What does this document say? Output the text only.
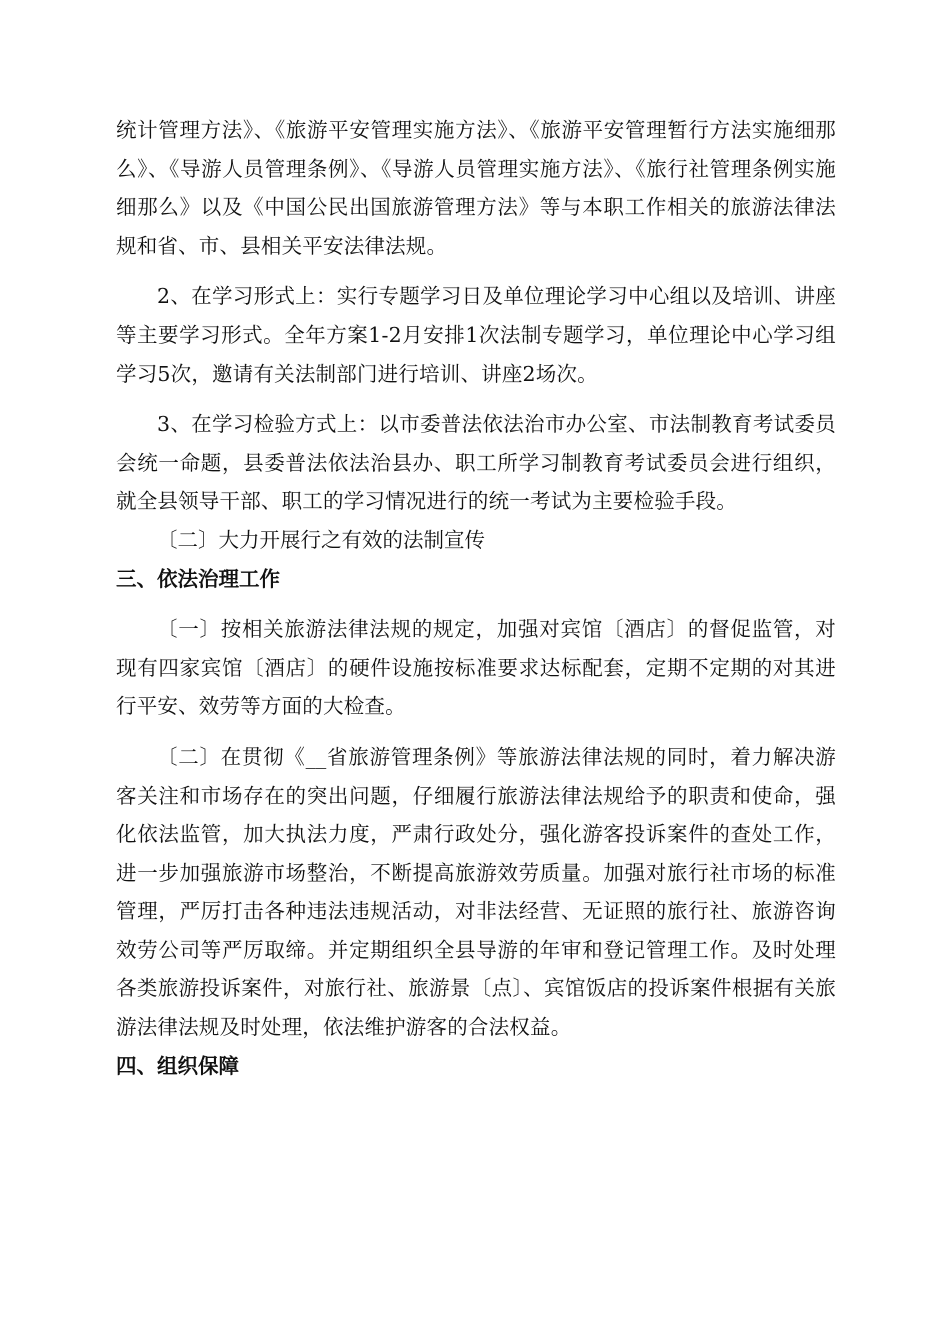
统计管理方法》、《旅游平安管理实施方法》、《旅游平安管理暂行方法实施细那么》、《导游人员管理条例》、《导游人员管理实施方法》、《旅行社管理条例实施细那么》以及《中国公民出国旅游管理方法》等与本职工作相关的旅游法律法规和省、市、县相关平安法律法规。

2、在学习形式上：实行专题学习日及单位理论学习中心组以及培训、讲座等主要学习形式。全年方案1-2月安排1次法制专题学习，单位理论中心学习组学习5次，邀请有关法制部门进行培训、讲座2场次。

3、在学习检验方式上：以市委普法依法治市办公室、市法制教育考试委员会统一命题，县委普法依法治县办、职工所学习制教育考试委员会进行组织，就全县领导干部、职工的学习情况进行的统一考试为主要检验手段。

〔二〕大力开展行之有效的法制宣传

三、依法治理工作

〔一〕按相关旅游法律法规的规定，加强对宾馆〔酒店〕的督促监管，对现有四家宾馆〔酒店〕的硬件设施按标准要求达标配套，定期不定期的对其进行平安、效劳等方面的大检查。

〔二〕在贯彻《__省旅游管理条例》等旅游法律法规的同时，着力解决游客关注和市场存在的突出问题，仔细履行旅游法律法规给予的职责和使命，强化依法监管，加大执法力度，严肃行政处分，强化游客投诉案件的查处工作，进一步加强旅游市场整治，不断提高旅游效劳质量。加强对旅行社市场的标准管理，严厉打击各种违法违规活动，对非法经营、无证照的旅行社、旅游咨询效劳公司等严厉取缔。并定期组织全县导游的年审和登记管理工作。及时处理各类旅游投诉案件，对旅行社、旅游景〔点〕、宾馆饭店的投诉案件根据有关旅游法律法规及时处理，依法维护游客的合法权益。

四、组织保障
